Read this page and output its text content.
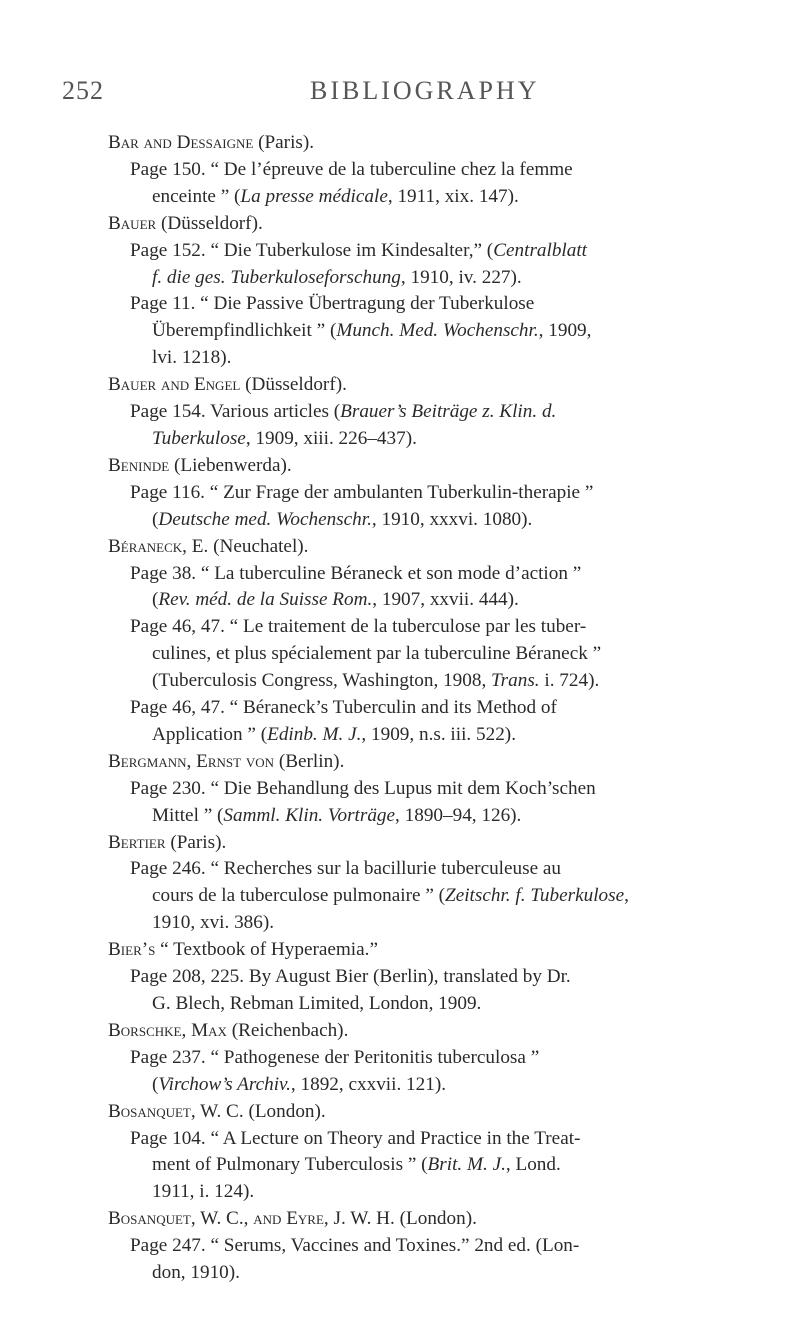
252	BIBLIOGRAPHY

Bar and Dessaigne (Paris).

Page 150. “ De l’épreuve de la tuberculine chez la femme
enceinte ” (La presse médicale, 1911, xix. 147).

Bauer (Düsseldorf).

Page 152. “ Die Tuberkulose im Kindesalter,” (Centralblatt
f. die ges. Tuberkuloseforschung, 1910, iv. 227).

Page 11. “ Die Passive Übertragung der Tuberkulose
Überempfindlichkeit ” (Munch. Med. Wochenschr., 1909,
lvi. 1218).

Bauer and Engel (Düsseldorf).

Page 154. Various articles (Brauer’s Beiträge z. Klin. d.
Tuberkulose, 1909, xiii. 226–437).

Beninde (Liebenwerda).

Page 116. “ Zur Frage der ambulanten Tuberkulin-therapie ”
(Deutsche med. Wochenschr., 1910, xxxvi. 1080).

Béraneck, E. (Neuchatel).

Page 38. “ La tuberculine Béraneck et son mode d’action ”
(Rev. méd. de la Suisse Rom., 1907, xxvii. 444).

Page 46, 47. “ Le traitement de la tuberculose par les tuber-
culines, et plus spécialement par la tuberculine Béraneck ”
(Tuberculosis Congress, Washington, 1908, Trans. i. 724).

Page 46, 47. “ Béraneck’s Tuberculin and its Method of
Application ” (Edinb. M. J., 1909, n.s. iii. 522).

Bergmann, Ernst von (Berlin).

Page 230. “ Die Behandlung des Lupus mit dem Koch’schen
Mittel ” (Samml. Klin. Vorträge, 1890–94, 126).

Bertier (Paris).

Page 246. “ Recherches sur la bacillurie tuberculeuse au
cours de la tuberculose pulmonaire ” (Zeitschr. f. Tuberkulose,
1910, xvi. 386).

Bier’s “ Textbook of Hyperaemia.”

Page 208, 225. By August Bier (Berlin), translated by Dr.
G. Blech, Rebman Limited, London, 1909.

Borschke, Max (Reichenbach).

Page 237. “ Pathogenese der Peritonitis tuberculosa ”
(Virchow’s Archiv., 1892, cxxvii. 121).

Bosanquet, W. C. (London).

Page 104. “ A Lecture on Theory and Practice in the Treat-
ment of Pulmonary Tuberculosis ” (Brit. M. J., Lond.
1911, i. 124).

Bosanquet, W. C., and Eyre, J. W. H. (London).

Page 247. “ Serums, Vaccines and Toxines.” 2nd ed. (Lon-
don, 1910).
